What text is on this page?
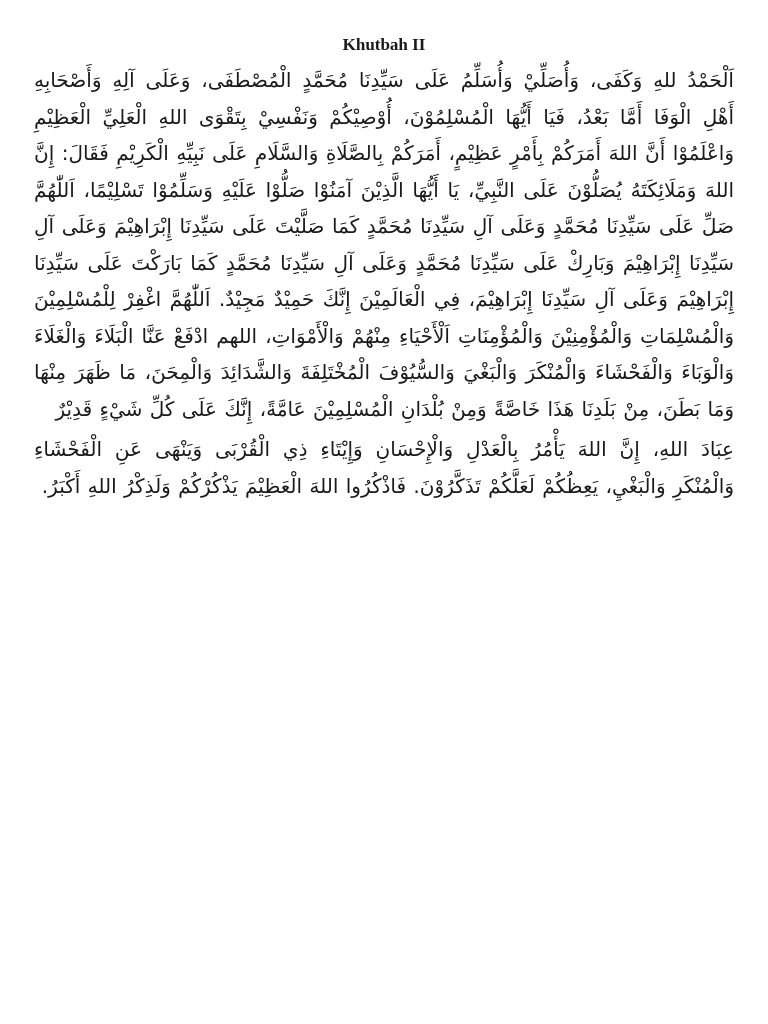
Khutbah II

اَلْحَمْدُ للهِ وَكَفَى، وَأُصَلِّيْ وَأُسَلِّمُ عَلَى سَيِّدِنَا مُحَمَّدٍ الْمُصْطَفَى، وَعَلَى آلِهِ وَأَصْحَابِهِ أَهْلِ الْوَفَا أَمَّا بَعْدُ، فَيَا أَيُّهَا الْمُسْلِمُوْنَ، أُوْصِيْكُمْ وَنَفْسِيْ بِتَقْوَى اللهِ الْعَلِيِّ الْعَظِيْمِ وَاعْلَمُوْا أَنَّ اللهَ أَمَرَكُمْ بِأَمْرٍ عَظِيْمٍ، أَمَرَكُمْ بِالصَّلَاةِ وَالسَّلَامِ عَلَى نَبِيِّهِ الْكَرِيْمِ فَقَالَ: إِنَّ اللهَ وَمَلَائِكَتَهُ يُصَلُّوْنَ عَلَى النَّبِيِّ، يَا أَيُّهَا الَّذِيْنَ آمَنُوْا صَلُّوْا عَلَيْهِ وَسَلِّمُوْا تَسْلِيْمًا، اَللّٰهُمَّ صَلِّ عَلَى سَيِّدِنَا مُحَمَّدٍ وَعَلَى آلِ سَيِّدِنَا مُحَمَّدٍ كَمَا صَلَّيْتَ عَلَى سَيِّدِنَا إِبْرَاهِيْمَ وَعَلَى آلِ سَيِّدِنَا إِبْرَاهِيْمَ وَبَارِكْ عَلَى سَيِّدِنَا مُحَمَّدٍ وَعَلَى آلِ سَيِّدِنَا مُحَمَّدٍ كَمَا بَارَكْتَ عَلَى سَيِّدِنَا إِبْرَاهِيْمَ وَعَلَى آلِ سَيِّدِنَا إِبْرَاهِيْمَ، فِي الْعَالَمِيْنَ إِنَّكَ حَمِيْدٌ مَجِيْدٌ. اَللّٰهُمَّ اغْفِرْ لِلْمُسْلِمِيْنَ وَالْمُسْلِمَاتِ وَالْمُؤْمِنِيْنَ وَالْمُؤْمِنَاتِ اَلْأَحْيَاءِ مِنْهُمْ وَالْأَمْوَاتِ، اللهم ادْفَعْ عَنَّا الْبَلَاءَ وَالْغَلَاءَ وَالْوَبَاءَ وَالْفَحْشَاءَ وَالْمُنْكَرَ وَالْبَغْيَ وَالسُّيُوْفَ الْمُخْتَلِفَةَ وَالشَّدَائِدَ وَالْمِحَنَ، مَا ظَهَرَ مِنْهَا وَمَا بَطَنَ، مِنْ بَلَدِنَا هَذَا خَاصَّةً وَمِنْ بُلْدَانِ الْمُسْلِمِيْنَ عَامَّةً، إِنَّكَ عَلَى كُلِّ شَيْءٍ قَدِيْرٌ

عِبَادَ اللهِ، إِنَّ اللهَ يَأْمُرُ بِالْعَدْلِ وَالْإِحْسَانِ وَإِيْتَاءِ ذِي الْقُرْبَى وَيَنْهَى عَنِ الْفَحْشَاءِ وَالْمُنْكَرِ وَالْبَغْيِ، يَعِظُكُمْ لَعَلَّكُمْ تَذَكَّرُوْنَ. فَاذْكُرُوا اللهَ الْعَظِيْمَ يَذْكُرْكُمْ وَلَذِكْرُ اللهِ أَكْبَرُ.
